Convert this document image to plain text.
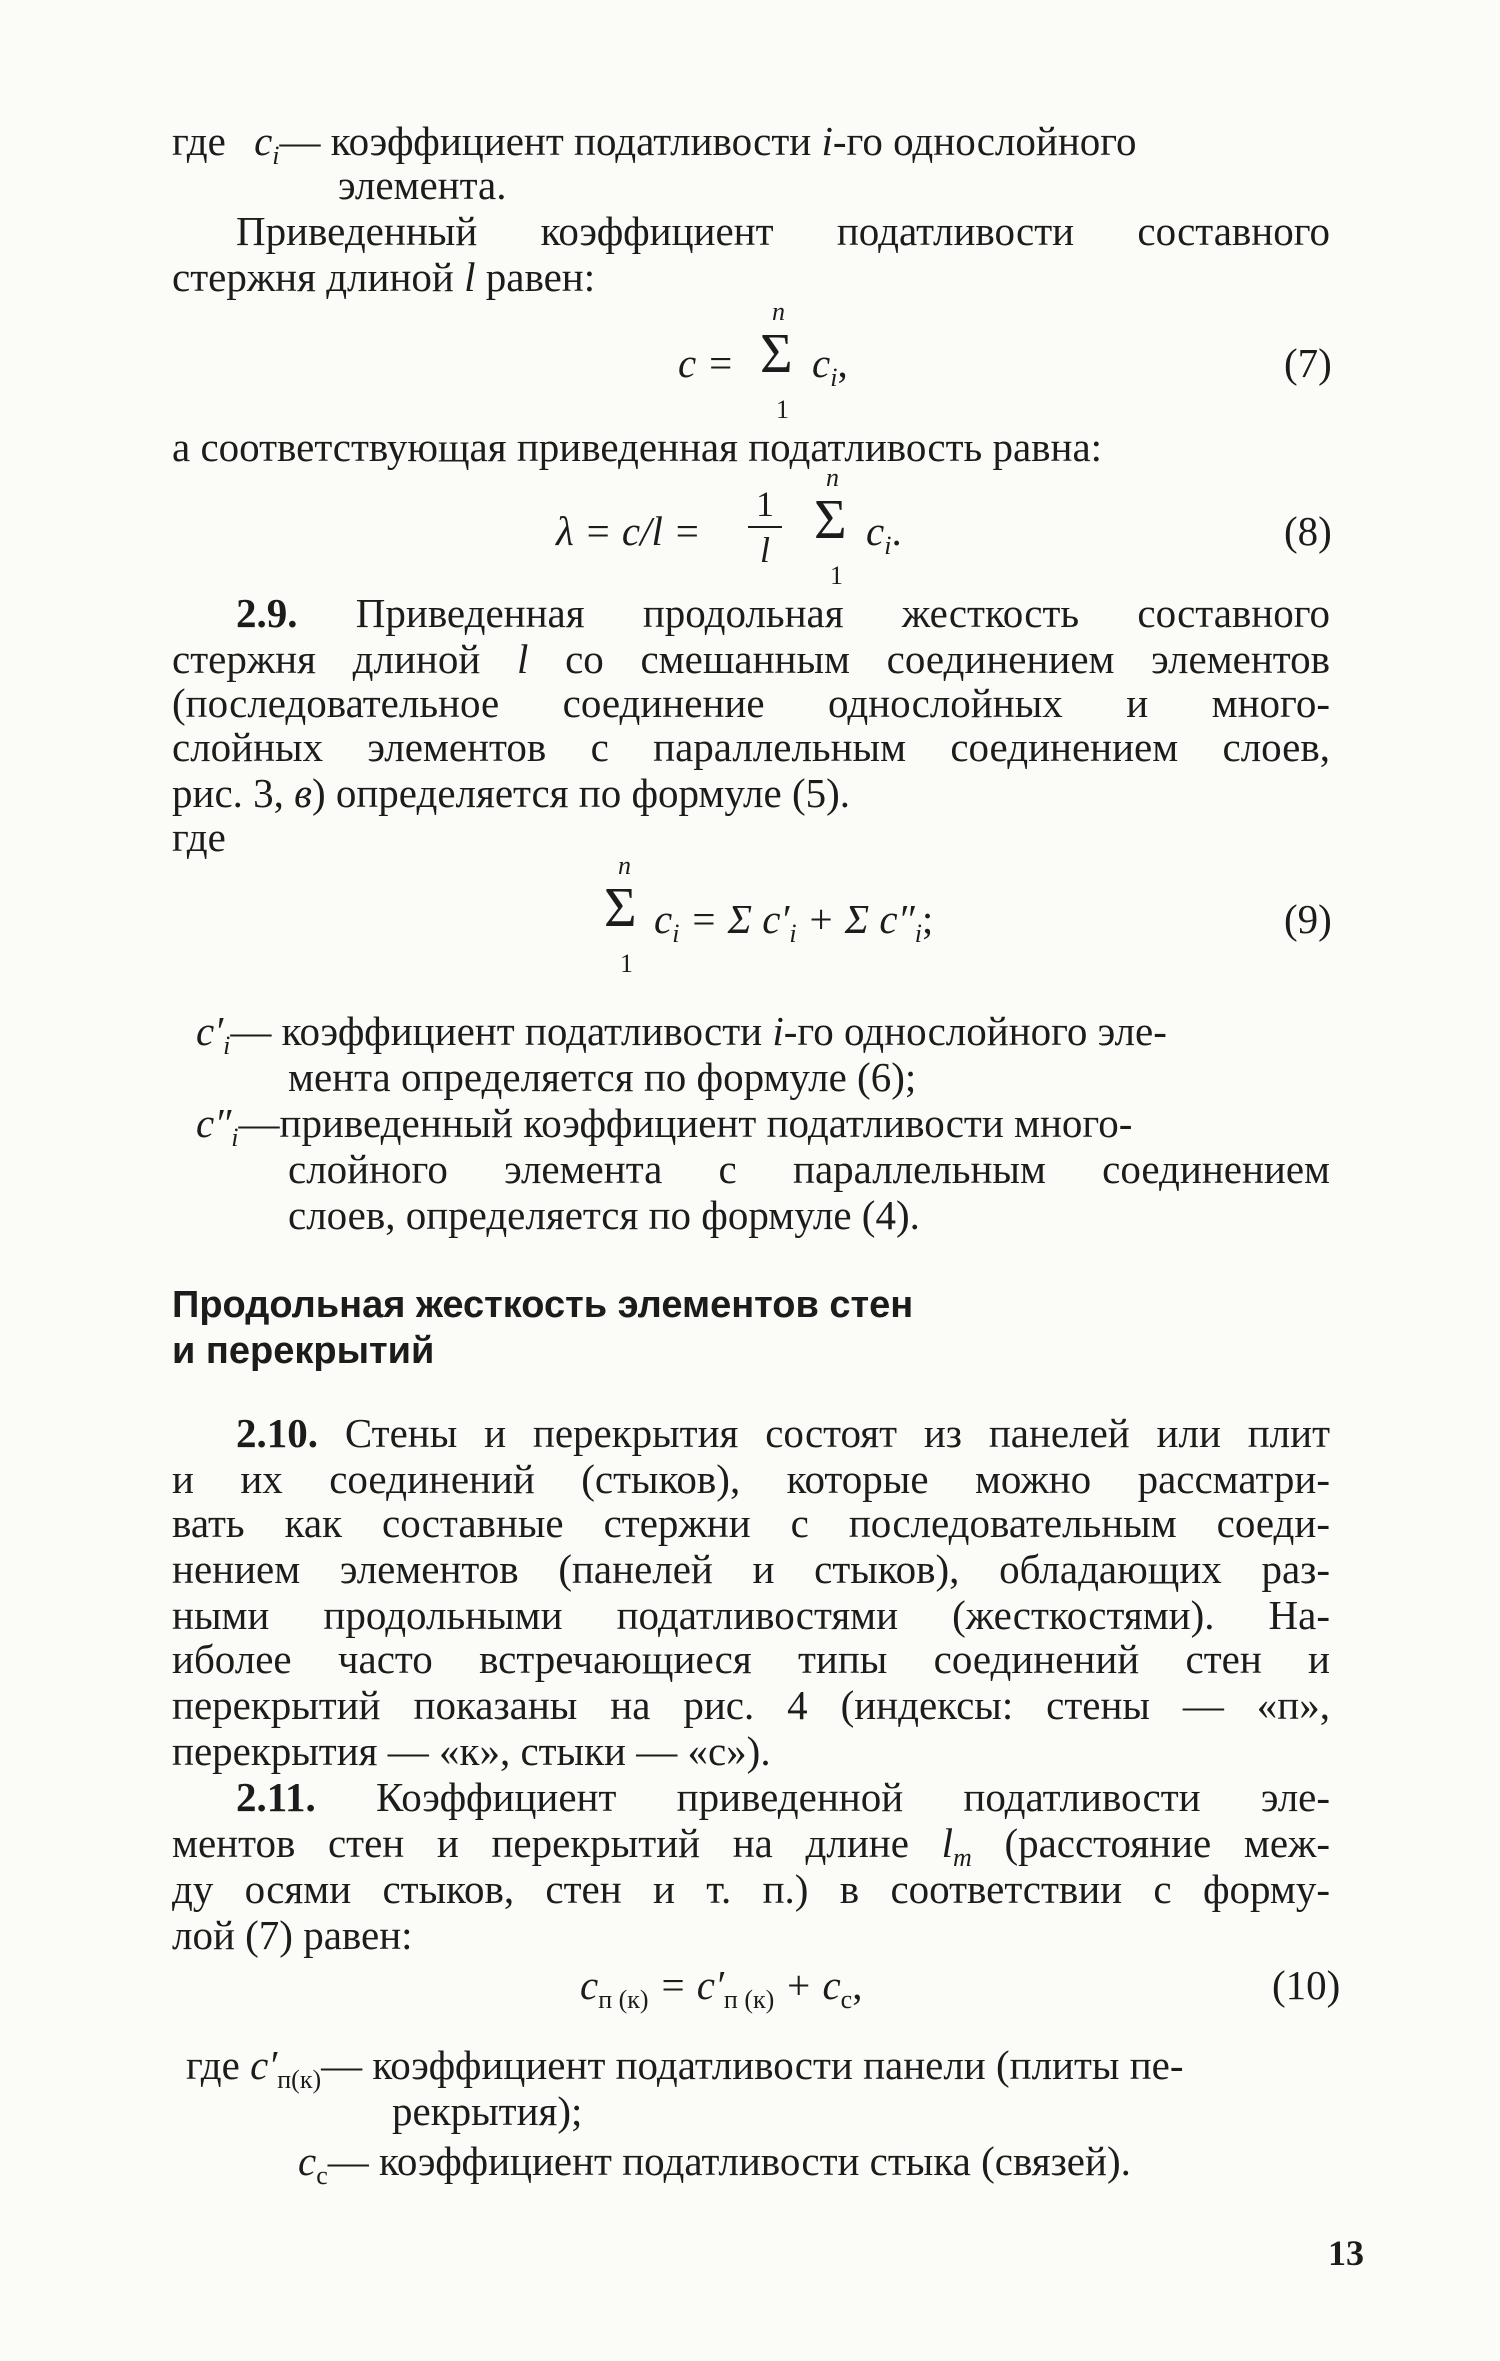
где $c_i—$ коэффициент податливости i-го однослойного
элемента.
Приведенный коэффициент податливости составного
стержня длиной l равен:
c =
n
Σ
1
$c_i$,	(7)
а соответствующая приведенная податливость равна:
λ = c/l =
1
l
n
Σ
1
$c_i$.	(8)
2.9. Приведенная продольная жесткость составного
стержня длиной l со смешанным соединением элементов
(последовательное соединение однослойных и много-
слойных элементов с параллельным соединением слоев,
рис. 3, в) определяется по формуле (5).
где
n
Σ
1
$c_i = \Sigma$ $c'_i + \Sigma$ $c''_i$;	(9)
$c'_i—$ коэффициент податливости i-го однослойного эле-
мента определяется по формуле (6);
$c''_i—приведенный$ коэффициент податливости много-
слойного элемента с параллельным соединением
слоев, определяется по формуле (4).
Продольная жесткость элементов стен
и перекрытий
2.10. Стены и перекрытия состоят из панелей или плит
и их соединений (стыков), которые можно рассматри-
вать как составные стержни с последовательным соеди-
нением элементов (панелей и стыков), обладающих раз-
ными продольными податливостями (жесткостями). На-
иболее часто встречающиеся типы соединений стен и
перекрытий показаны на рис. 4 (индексы: стены — «п»,
перекрытия — «к», стыки — «с»).
2.11. Коэффициент приведенной податливости эле-
ментов стен и перекрытий на длине $l_m$ (расстояние меж-
ду осями стыков, стен и т. п.) в соответствии с форму-
лой (7) равен:
$c_{п (к)} = c'_{п (к)} + c_с$,	(10)
где $c'_{п(к)}—$ коэффициент податливости панели (плиты пе-
рекрытия);
$c_с—$ коэффициент податливости стыка (связей).
13
